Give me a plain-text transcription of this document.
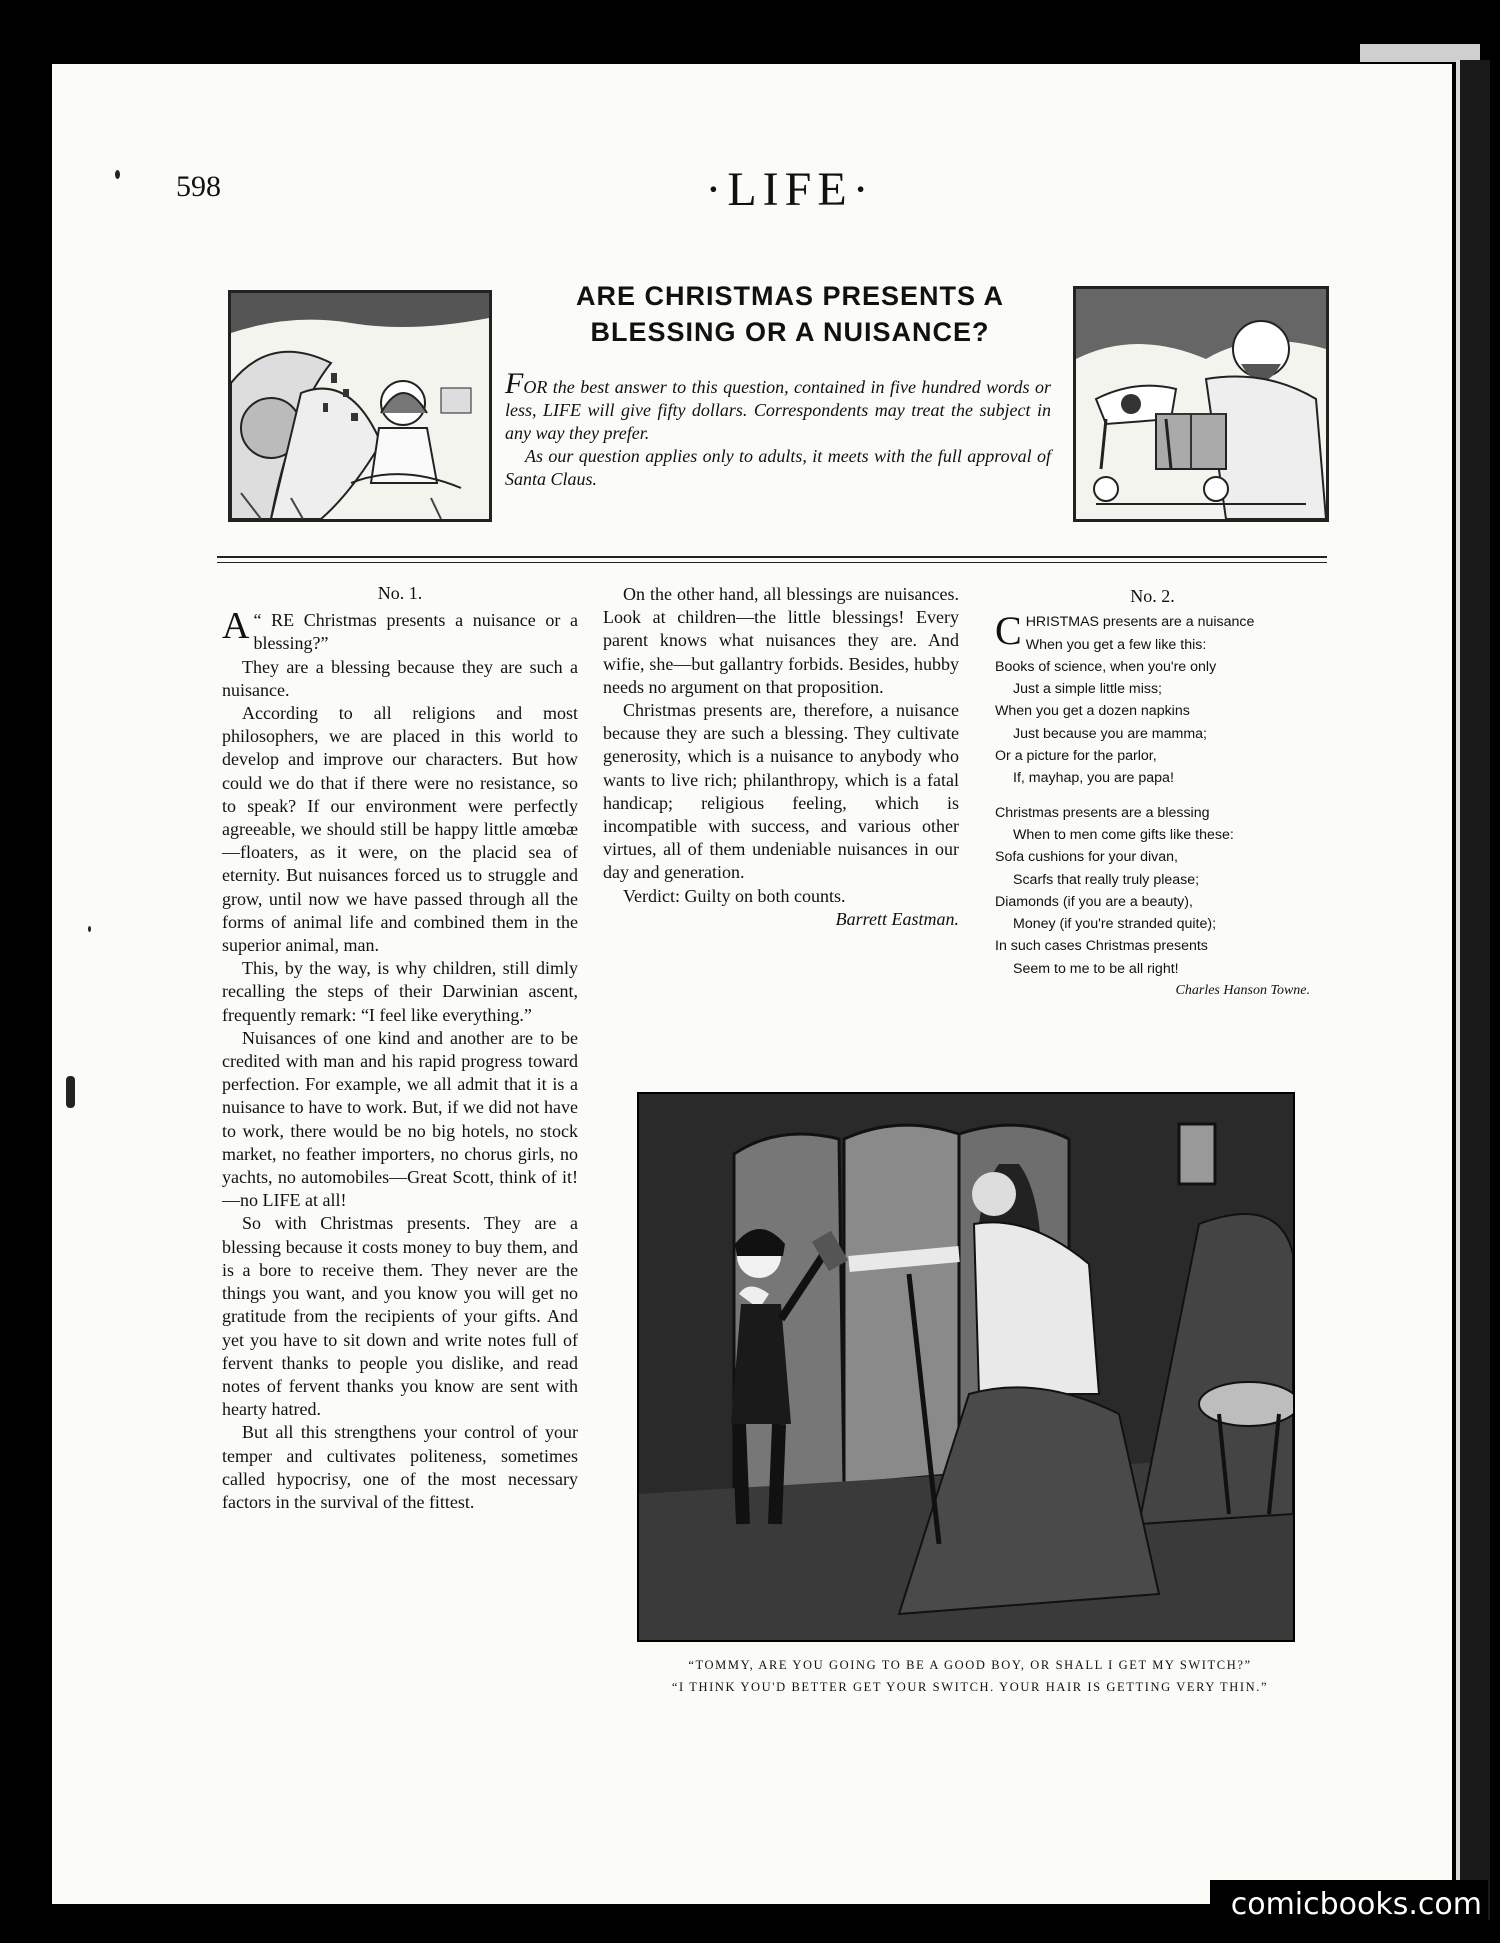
598	·LIFE·
ARE CHRISTMAS PRESENTS A
BLESSING OR A NUISANCE?

FOR the best answer to this question, contained in five hundred words or less, LIFE will give fifty dollars. Correspondents may treat the subject in any way they prefer.

As our question applies only to adults, it meets with the full approval of Santa Claus.

No. 1.

“
A RE Christmas presents a nuisance or a blessing?”

They are a blessing because they are such a nuisance.

According to all religions and most philosophers, we are placed in this world to develop and improve our characters. But how could we do that if there were no resistance, so to speak? If our environment were perfectly agreeable, we should still be happy little amœbæ—floaters, as it were, on the placid sea of eternity. But nuisances forced us to struggle and grow, until now we have passed through all the forms of animal life and combined them in the superior animal, man.

This, by the way, is why children, still dimly recalling the steps of their Darwinian ascent, frequently remark: “I feel like everything.”

Nuisances of one kind and another are to be credited with man and his rapid progress toward perfection. For example, we all admit that it is a nuisance to have to work. But, if we did not have to work, there would be no big hotels, no stock market, no feather importers, no chorus girls, no yachts, no automobiles—Great Scott, think of it!—no LIFE at all!

So with Christmas presents. They are a blessing because it costs money to buy them, and is a bore to receive them. They never are the things you want, and you know you will get no gratitude from the recipients of your gifts. And yet you have to sit down and write notes full of fervent thanks to people you dislike, and read notes of fervent thanks you know are sent with hearty hatred.

But all this strengthens your control of your temper and cultivates politeness, sometimes called hypocrisy, one of the most necessary factors in the survival of the fittest.

On the other hand, all blessings are nuisances. Look at children—the little blessings! Every parent knows what nuisances they are. And wifie, she—but gallantry forbids. Besides, hubby needs no argument on that proposition.

Christmas presents are, therefore, a nuisance because they are such a blessing. They cultivate generosity, which is a nuisance to anybody who wants to live rich; philanthropy, which is a fatal handicap; religious feeling, which is incompatible with success, and various other virtues, all of them undeniable nuisances in our day and generation.

Verdict: Guilty on both counts.

Barrett Eastman.

No. 2.

CHRISTMAS presents are a nuisance

When you get a few like this:

Books of science, when you're only

Just a simple little miss;

When you get a dozen napkins

Just because you are mamma;

Or a picture for the parlor,

If, mayhap, you are papa!

Christmas presents are a blessing

When to men come gifts like these:

Sofa cushions for your divan,

Scarfs that really truly please;

Diamonds (if you are a beauty),

Money (if you're stranded quite);

In such cases Christmas presents

Seem to me to be all right!

Charles Hanson Towne.

“TOMMY, ARE YOU GOING TO BE A GOOD BOY, OR SHALL I GET MY SWITCH?”
“I THINK YOU'D BETTER GET YOUR SWITCH. YOUR HAIR IS GETTING VERY THIN.”
comicbooks.com
